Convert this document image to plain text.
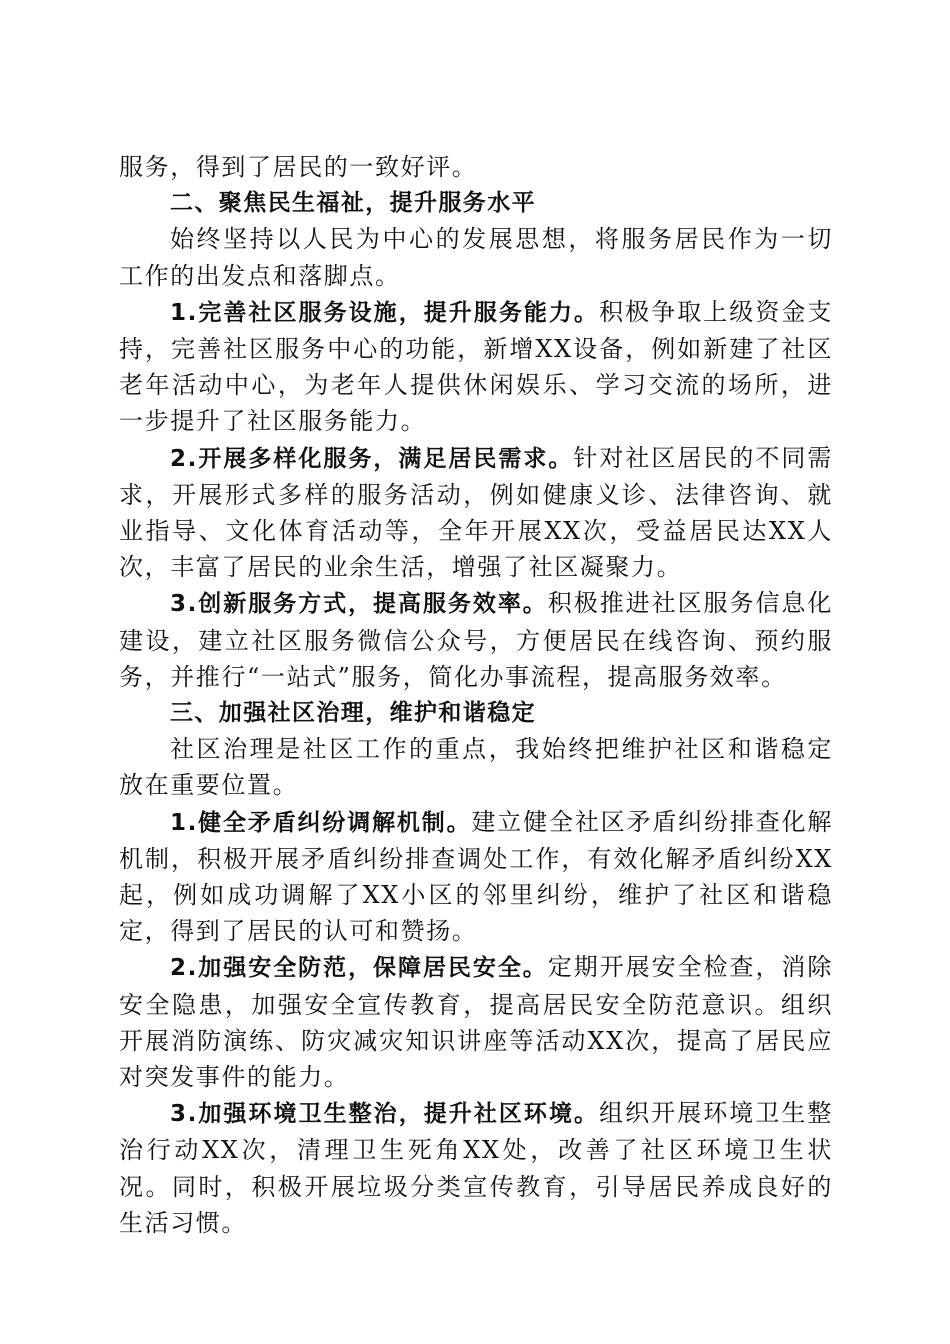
服务，得到了居民的一致好评。

二、聚焦民生福祉，提升服务水平

始终坚持以人民为中心的发展思想，将服务居民作为一切工作的出发点和落脚点。

1.完善社区服务设施，提升服务能力。积极争取上级资金支持，完善社区服务中心的功能，新增XX设备，例如新建了社区老年活动中心，为老年人提供休闲娱乐、学习交流的场所，进一步提升了社区服务能力。

2.开展多样化服务，满足居民需求。针对社区居民的不同需求，开展形式多样的服务活动，例如健康义诊、法律咨询、就业指导、文化体育活动等，全年开展XX次，受益居民达XX人次，丰富了居民的业余生活，增强了社区凝聚力。

3.创新服务方式，提高服务效率。积极推进社区服务信息化建设，建立社区服务微信公众号，方便居民在线咨询、预约服务，并推行“一站式”服务，简化办事流程，提高服务效率。

三、加强社区治理，维护和谐稳定

社区治理是社区工作的重点，我始终把维护社区和谐稳定放在重要位置。

1.健全矛盾纠纷调解机制。建立健全社区矛盾纠纷排查化解机制，积极开展矛盾纠纷排查调处工作，有效化解矛盾纠纷XX起，例如成功调解了XX小区的邻里纠纷，维护了社区和谐稳定，得到了居民的认可和赞扬。

2.加强安全防范，保障居民安全。定期开展安全检查，消除安全隐患，加强安全宣传教育，提高居民安全防范意识。组织开展消防演练、防灾减灾知识讲座等活动XX次，提高了居民应对突发事件的能力。

3.加强环境卫生整治，提升社区环境。组织开展环境卫生整治行动XX次，清理卫生死角XX处，改善了社区环境卫生状况。同时，积极开展垃圾分类宣传教育，引导居民养成良好的生活习惯。
